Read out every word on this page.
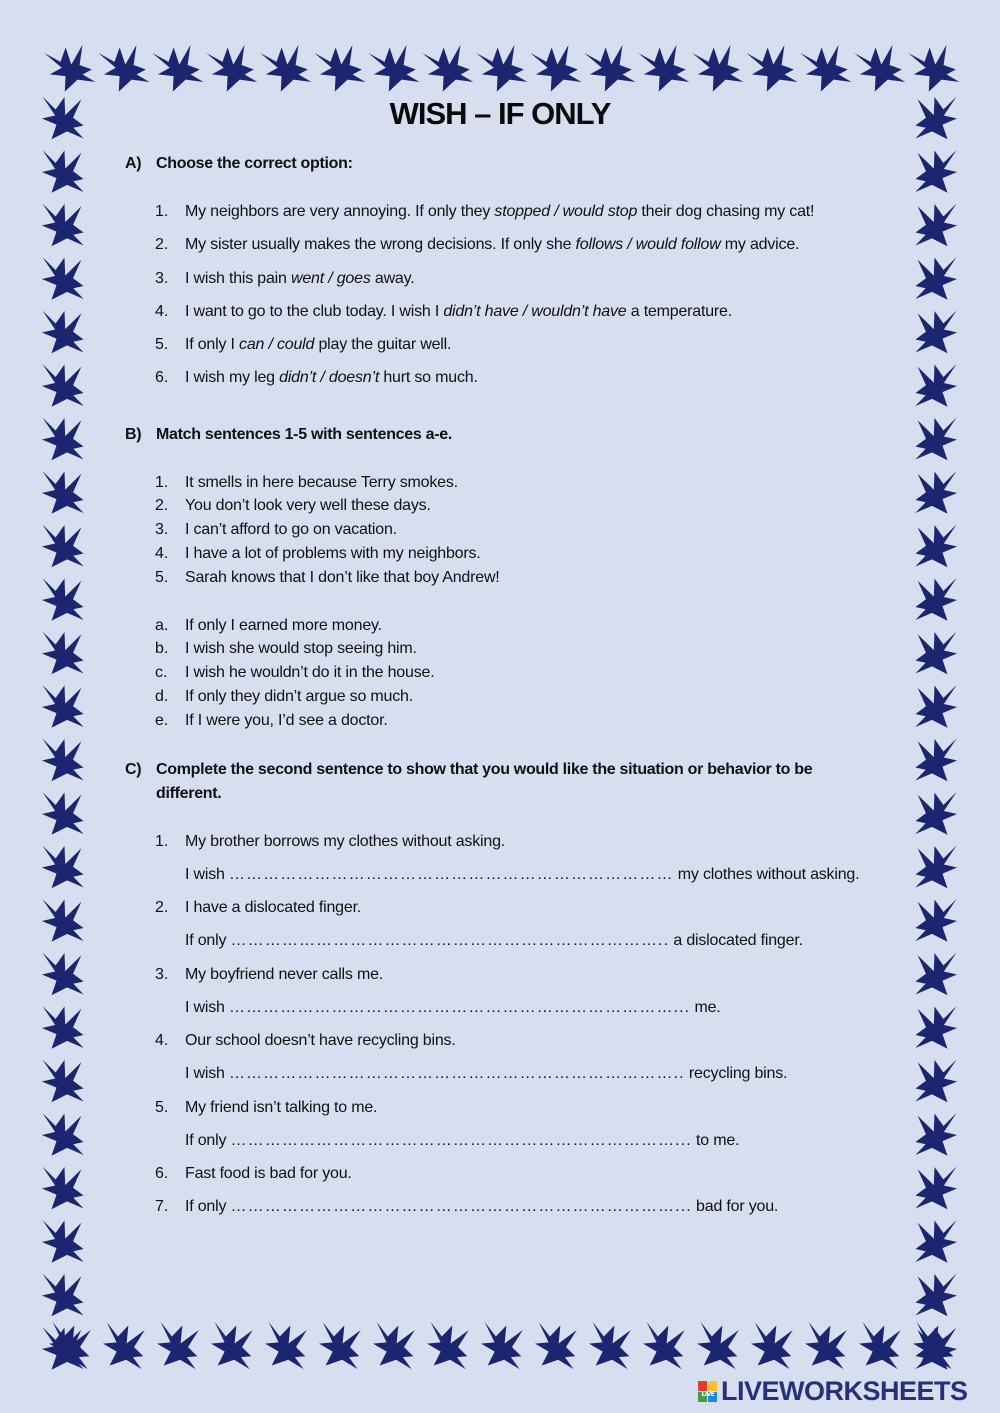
WISH – IF ONLY
A) Choose the correct option:
1. My neighbors are very annoying. If only they stopped / would stop their dog chasing my cat!
2. My sister usually makes the wrong decisions. If only she follows / would follow my advice.
3. I wish this pain went / goes away.
4. I want to go to the club today. I wish I didn’t have / wouldn’t have a temperature.
5. If only I can / could play the guitar well.
6. I wish my leg didn’t / doesn’t hurt so much.
B) Match sentences 1-5 with sentences a-e.
1. It smells in here because Terry smokes.
2. You don’t look very well these days.
3. I can’t afford to go on vacation.
4. I have a lot of problems with my neighbors.
5. Sarah knows that I don’t like that boy Andrew!
a. If only I earned more money.
b. I wish she would stop seeing him.
c. I wish he wouldn’t do it in the house.
d. If only they didn’t argue so much.
e. If I were you, I’d see a doctor.
C) Complete the second sentence to show that you would like the situation or behavior to be
different.
1. My brother borrows my clothes without asking.
I wish …………………………………………………………………… my clothes without asking.
2. I have a dislocated finger.
If only ………………………………………………………………….. a dislocated finger.
3. My boyfriend never calls me.
I wish ……………………………………………………………………... me.
4. Our school doesn’t have recycling bins.
I wish …………………………………………………………………….. recycling bins.
5. My friend isn’t talking to me.
If only ……………………………………………………………………... to me.
6. Fast food is bad for you.
7. If only ……………………………………………………………………... bad for you.
LIVE LIVEWORKSHEETS
